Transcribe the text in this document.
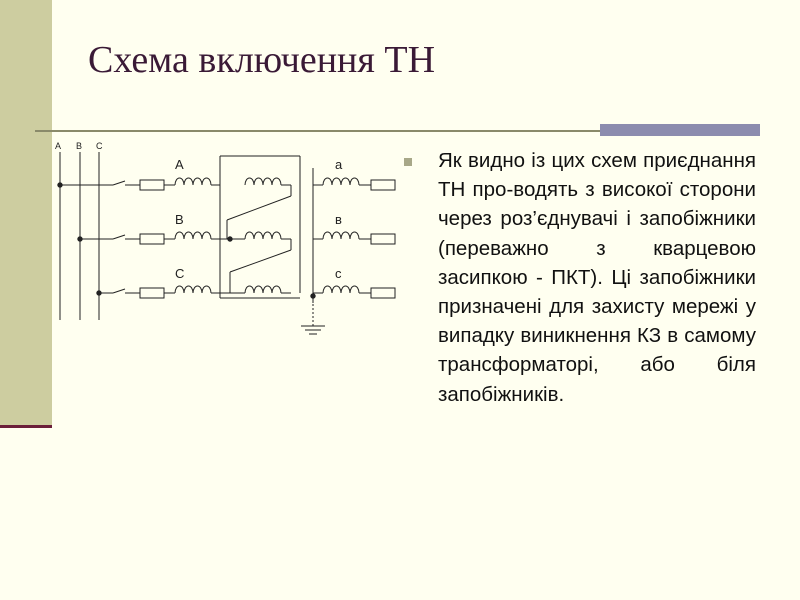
Схема включення ТН
Як видно із цих схем приєднання ТН про-водять з високої сторони через роз’єднувачі і запобіжники (переважно з кварцевою засипкою - ПКТ). Ці запобіжники призначені для захисту мережі у випадку виникнення КЗ в самому трансформаторі, або біля запобіжників.
А В С
А
В
С
а
в
с
